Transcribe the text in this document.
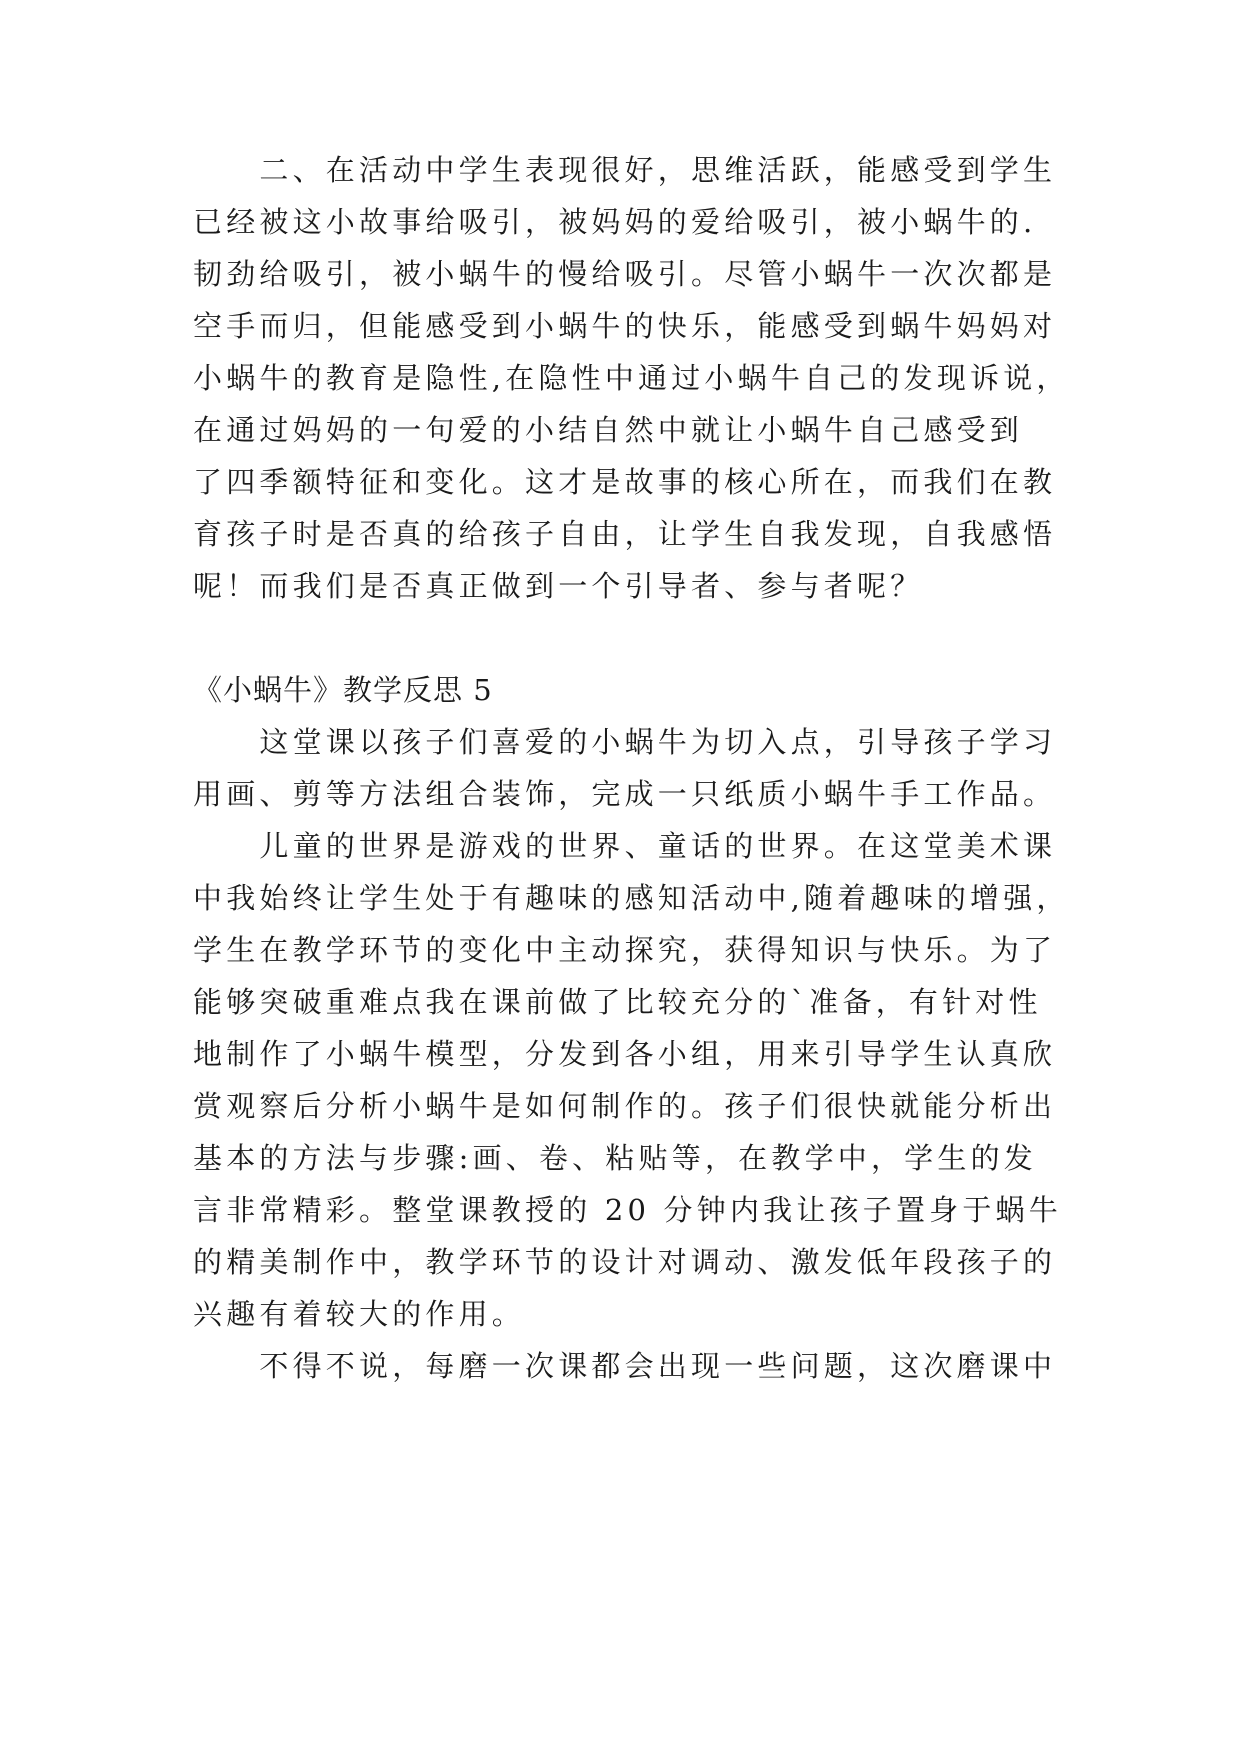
　　二、在活动中学生表现很好，思维活跃，能感受到学生
已经被这小故事给吸引，被妈妈的爱给吸引，被小蜗牛的.
韧劲给吸引，被小蜗牛的慢给吸引。尽管小蜗牛一次次都是
空手而归，但能感受到小蜗牛的快乐，能感受到蜗牛妈妈对
小蜗牛的教育是隐性,在隐性中通过小蜗牛自己的发现诉说，
在通过妈妈的一句爱的小结自然中就让小蜗牛自己感受到
了四季额特征和变化。这才是故事的核心所在，而我们在教
育孩子时是否真的给孩子自由，让学生自我发现，自我感悟
呢！而我们是否真正做到一个引导者、参与者呢？
《小蜗牛》教学反思 5
　　这堂课以孩子们喜爱的小蜗牛为切入点，引导孩子学习
用画、剪等方法组合装饰，完成一只纸质小蜗牛手工作品。
　　儿童的世界是游戏的世界、童话的世界。在这堂美术课
中我始终让学生处于有趣味的感知活动中,随着趣味的增强，
学生在教学环节的变化中主动探究，获得知识与快乐。为了
能够突破重难点我在课前做了比较充分的`准备，有针对性
地制作了小蜗牛模型，分发到各小组，用来引导学生认真欣
赏观察后分析小蜗牛是如何制作的。孩子们很快就能分析出
基本的方法与步骤:画、卷、粘贴等，在教学中，学生的发
言非常精彩。整堂课教授的 20 分钟内我让孩子置身于蜗牛
的精美制作中，教学环节的设计对调动、激发低年段孩子的
兴趣有着较大的作用。
　　不得不说，每磨一次课都会出现一些问题，这次磨课中
